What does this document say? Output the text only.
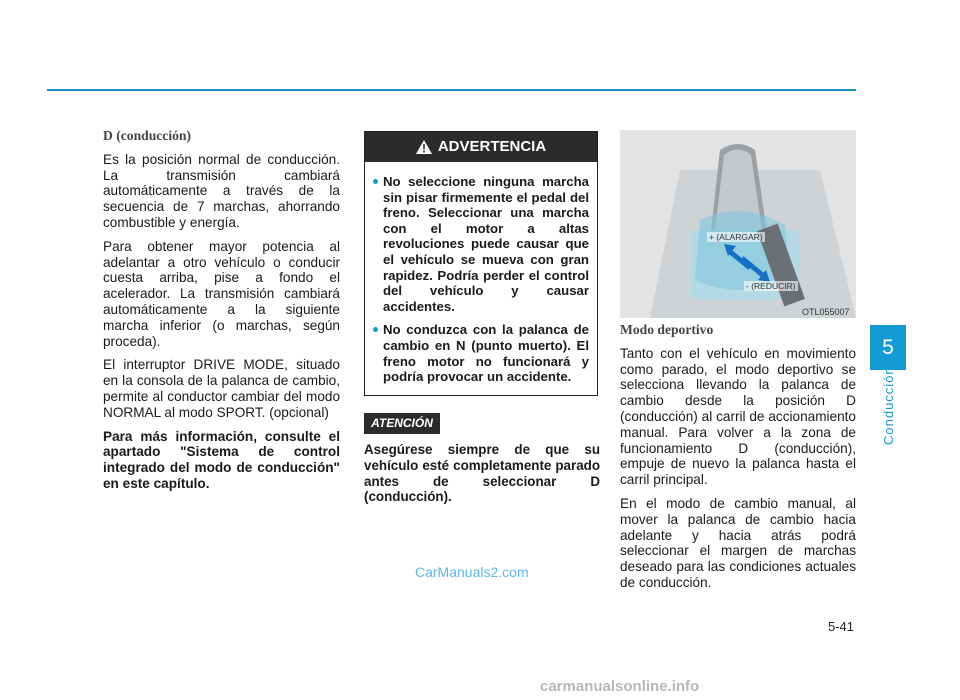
5
Conducción

D (conducción)

Es la posición normal de conducción. La transmisión cambiará automáticamente a través de la secuencia de 7 marchas, ahorrando combustible y energía.

Para obtener mayor potencia al adelantar a otro vehículo o conducir cuesta arriba, pise a fondo el acelerador. La transmisión cambiará automáticamente a la siguiente marcha inferior (o marchas, según proceda).

El interruptor DRIVE MODE, situado en la consola de la palanca de cambio, permite al conductor cambiar del modo NORMAL al modo SPORT. (opcional)

Para más información, consulte el apartado "Sistema de control integrado del modo de conducción" en este capítulo.

ADVERTENCIA
No seleccione ninguna marcha sin pisar firmemente el pedal del freno. Seleccionar una marcha con el motor a altas revoluciones puede causar que el vehículo se mueva con gran rapidez. Podría perder el control del vehículo y causar accidentes.
No conduzca con la palanca de cambio en N (punto muerto). El freno motor no funcionará y podría provocar un accidente.
ATENCIÓN

Asegúrese siempre de que su vehículo esté completamente parado antes de seleccionar D (conducción).

+ (ALARGAR)
- (REDUCIR)
OTL055007

Modo deportivo

Tanto con el vehículo en movimiento como parado, el modo deportivo se selecciona llevando la palanca de cambio desde la posición D (conducción) al carril de accionamiento manual. Para volver a la zona de funcionamiento D (conducción), empuje de nuevo la palanca hasta el carril principal.

En el modo de cambio manual, al mover la palanca de cambio hacia adelante y hacia atrás podrá seleccionar el margen de marchas deseado para las condiciones actuales de conducción.

CarManuals2.com
5-41
carmanualsonline.info
